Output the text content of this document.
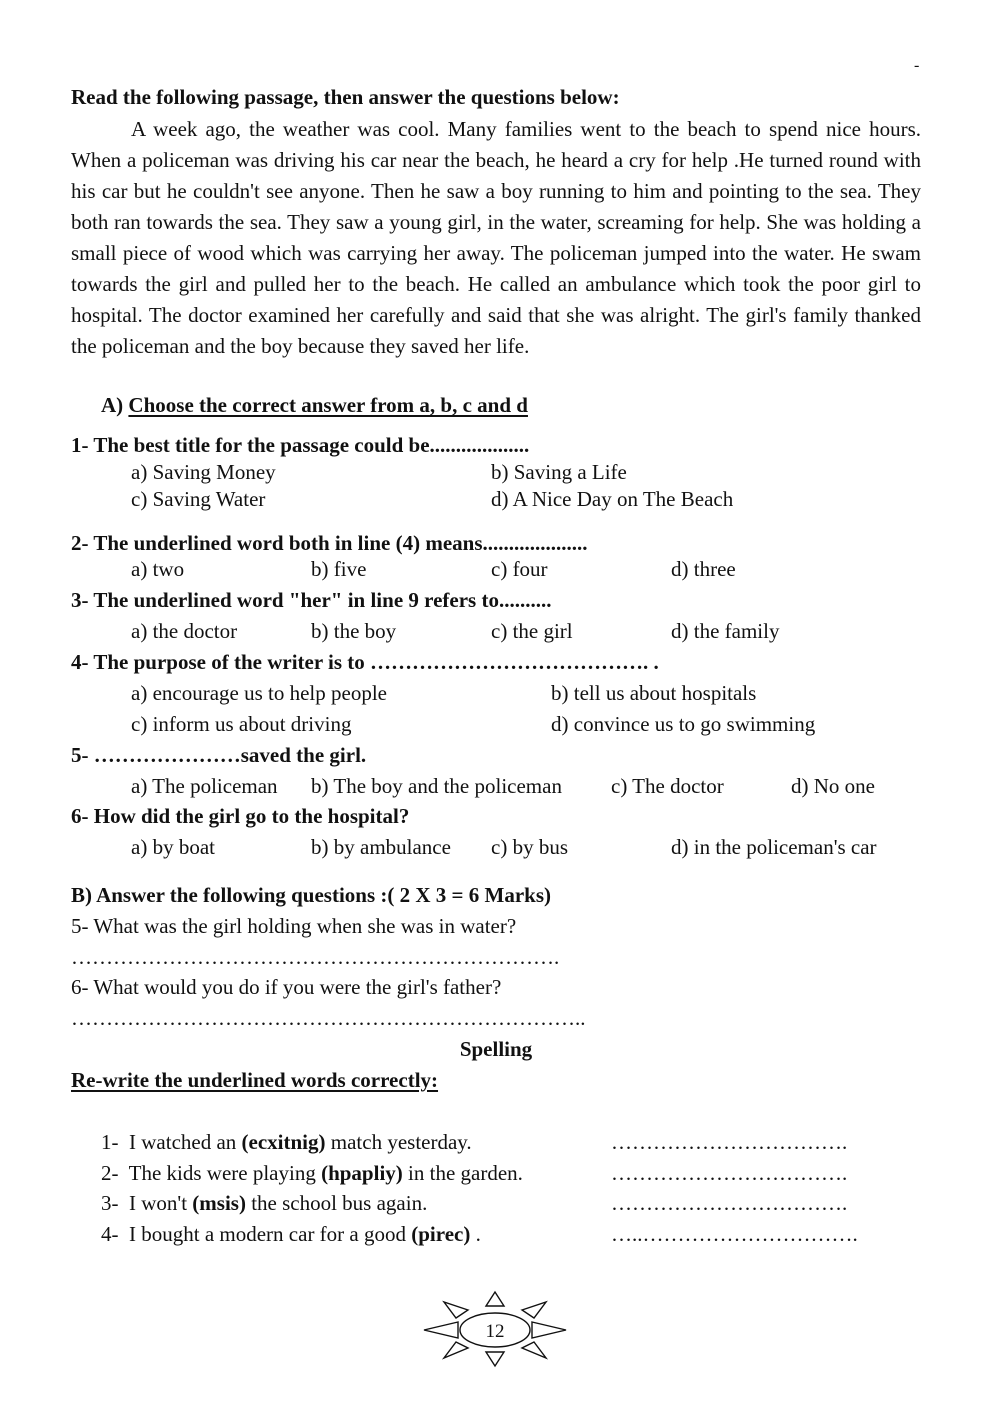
-
Read the following passage, then answer the questions below:
A week ago, the weather was cool. Many families went to the beach to spend nice hours. When a policeman was driving his car near the beach, he heard a cry for help .He turned round with his car but he couldn't see anyone. Then he saw a boy running to him and pointing to the sea. They both ran towards the sea. They saw a young girl, in the water, screaming for help. She was holding a small piece of wood which was carrying her away. The policeman jumped into the water. He swam towards the girl and pulled her to the beach. He called an ambulance which took the poor girl to hospital. The doctor examined her carefully and said that she was alright. The girl's family thanked the policeman and the boy because they saved her life.
A) Choose the correct answer from a, b, c and d
1- The best title for the passage could be...................
a) Saving Money	b) Saving a Life
c) Saving Water	d) A Nice Day on The Beach
2- The underlined word both in line (4) means....................
a) two	b) five	c) four	d) three
3- The underlined word "her" in line 9 refers to..........
a) the doctor	b) the boy	c) the girl	d) the family
4- The purpose of the writer is to …………………………………. .
a) encourage us to help people	b) tell us about hospitals
c) inform us about driving	d) convince us to go swimming
5- …………………saved the girl.
a) The policeman b) The boy and the policeman c) The doctor	d) No one
6- How did the girl go to the hospital?
a) by boat	b) by ambulance c) by bus	d) in the policeman's car
B) Answer the following questions :( 2 X 3 = 6 Marks)
5- What was the girl holding when she was in water?
…………………………………………………………….
6- What would you do if you were the girl's father?
………………………………………………………………..
Spelling
Re-write the underlined words correctly:
1- I watched an (ecxitnig) match yesterday.	…………………………….
2- The kids were playing (hpapliy) in the garden.	…………………………….
3- I won't (msis) the school bus again.	…………………………….
4- I bought a modern car for a good (pirec) .	…..………………………….
12
